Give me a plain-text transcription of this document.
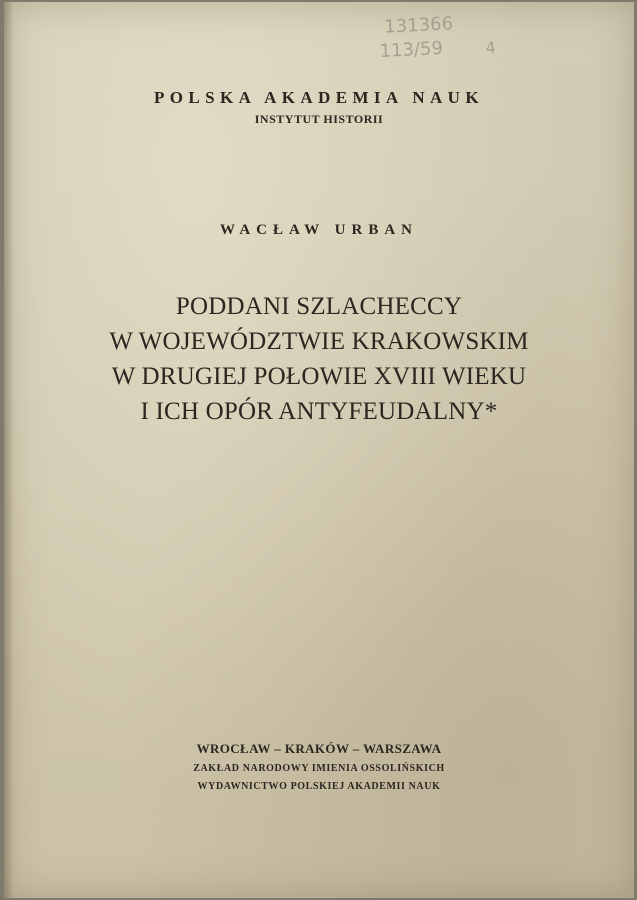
131366
113/59	4
POLSKA AKADEMIA NAUK
INSTYTUT HISTORII
WACŁAW URBAN
PODDANI SZLACHECCY
W WOJEWÓDZTWIE KRAKOWSKIM
W DRUGIEJ POŁOWIE XVIII WIEKU
I ICH OPÓR ANTYFEUDALNY*
WROCŁAW – KRAKÓW – WARSZAWA
ZAKŁAD NARODOWY IMIENIA OSSOLIŃSKICH
WYDAWNICTWO POLSKIEJ AKADEMII NAUK
